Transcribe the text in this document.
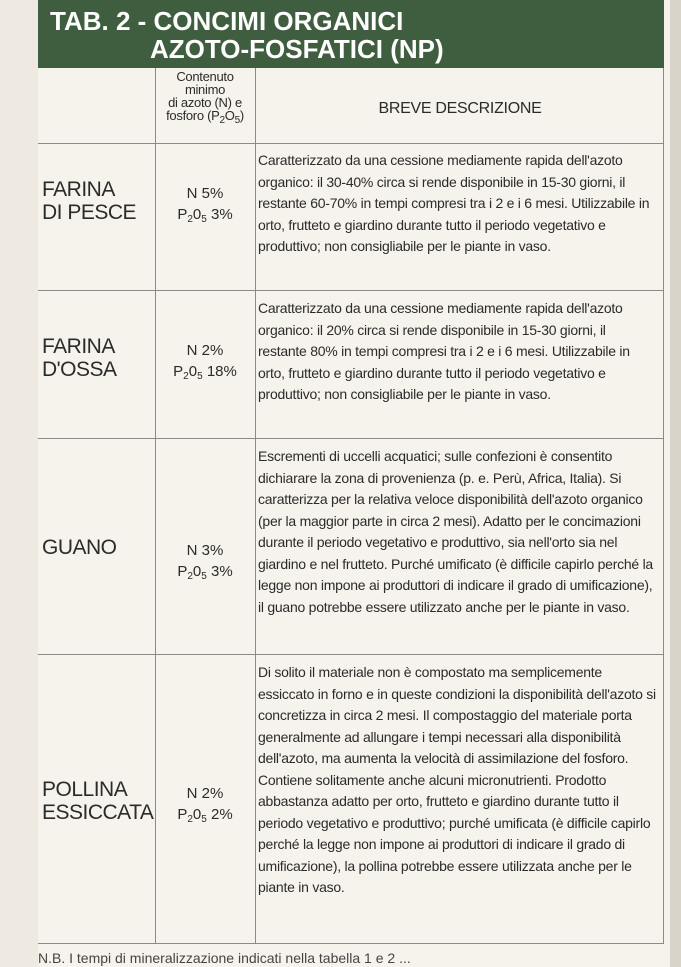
TAB. 2 - CONCIMI ORGANICI
AZOTO-FOSFATICI (NP)
Contenuto
minimo
di azoto (N) e
fosforo $(P_2O_5)$	BREVE DESCRIZIONE
FARINA
DI PESCE
N 5%
$P_20_5$ 3%
Caratterizzato da una cessione mediamente rapida dell'azoto organico: il 30-40% circa si rende disponibile in 15-30 giorni, il restante 60-70% in tempi compresi tra i 2 e i 6 mesi. Utilizzabile in orto, frutteto e giardino durante tutto il periodo vegetativo e produttivo; non consigliabile per le piante in vaso.
FARINA
D'OSSA
N 2%
$P_20_5$ 18%
Caratterizzato da una cessione mediamente rapida dell'azoto organico: il 20% circa si rende disponibile in 15-30 giorni, il restante 80% in tempi compresi tra i 2 e i 6 mesi. Utilizzabile in orto, frutteto e giardino durante tutto il periodo vegetativo e produttivo; non consigliabile per le piante in vaso.
GUANO	N 3%
$P_20_5$ 3%
Escrementi di uccelli acquatici; sulle confezioni è consentito dichiarare la zona di provenienza (p. e. Perù, Africa, Italia). Si caratterizza per la relativa veloce disponibilità dell'azoto organico (per la maggior parte in circa 2 mesi). Adatto per le concimazioni durante il periodo vegetativo e produttivo, sia nell'orto sia nel giardino e nel frutteto. Purché umificato (è difficile capirlo perché la legge non impone ai produttori di indicare il grado di umificazione), il guano potrebbe essere utilizzato anche per le piante in vaso.
POLLINA
ESSICCATA
N 2%
$P_20_5$ 2%
Di solito il materiale non è compostato ma semplicemente essiccato in forno e in queste condizioni la disponibilità dell'azoto si concretizza in circa 2 mesi. Il compostaggio del materiale porta generalmente ad allungare i tempi necessari alla disponibilità dell'azoto, ma aumenta la velocità di assimilazione del fosforo. Contiene solitamente anche alcuni micronutrienti. Prodotto abbastanza adatto per orto, frutteto e giardino durante tutto il periodo vegetativo e produttivo; purché umificata (è difficile capirlo perché la legge non impone ai produttori di indicare il grado di umificazione), la pollina potrebbe essere utilizzata anche per le piante in vaso.
N.B. I tempi di mineralizzazione indicati nella tabella 1 e 2 ...
